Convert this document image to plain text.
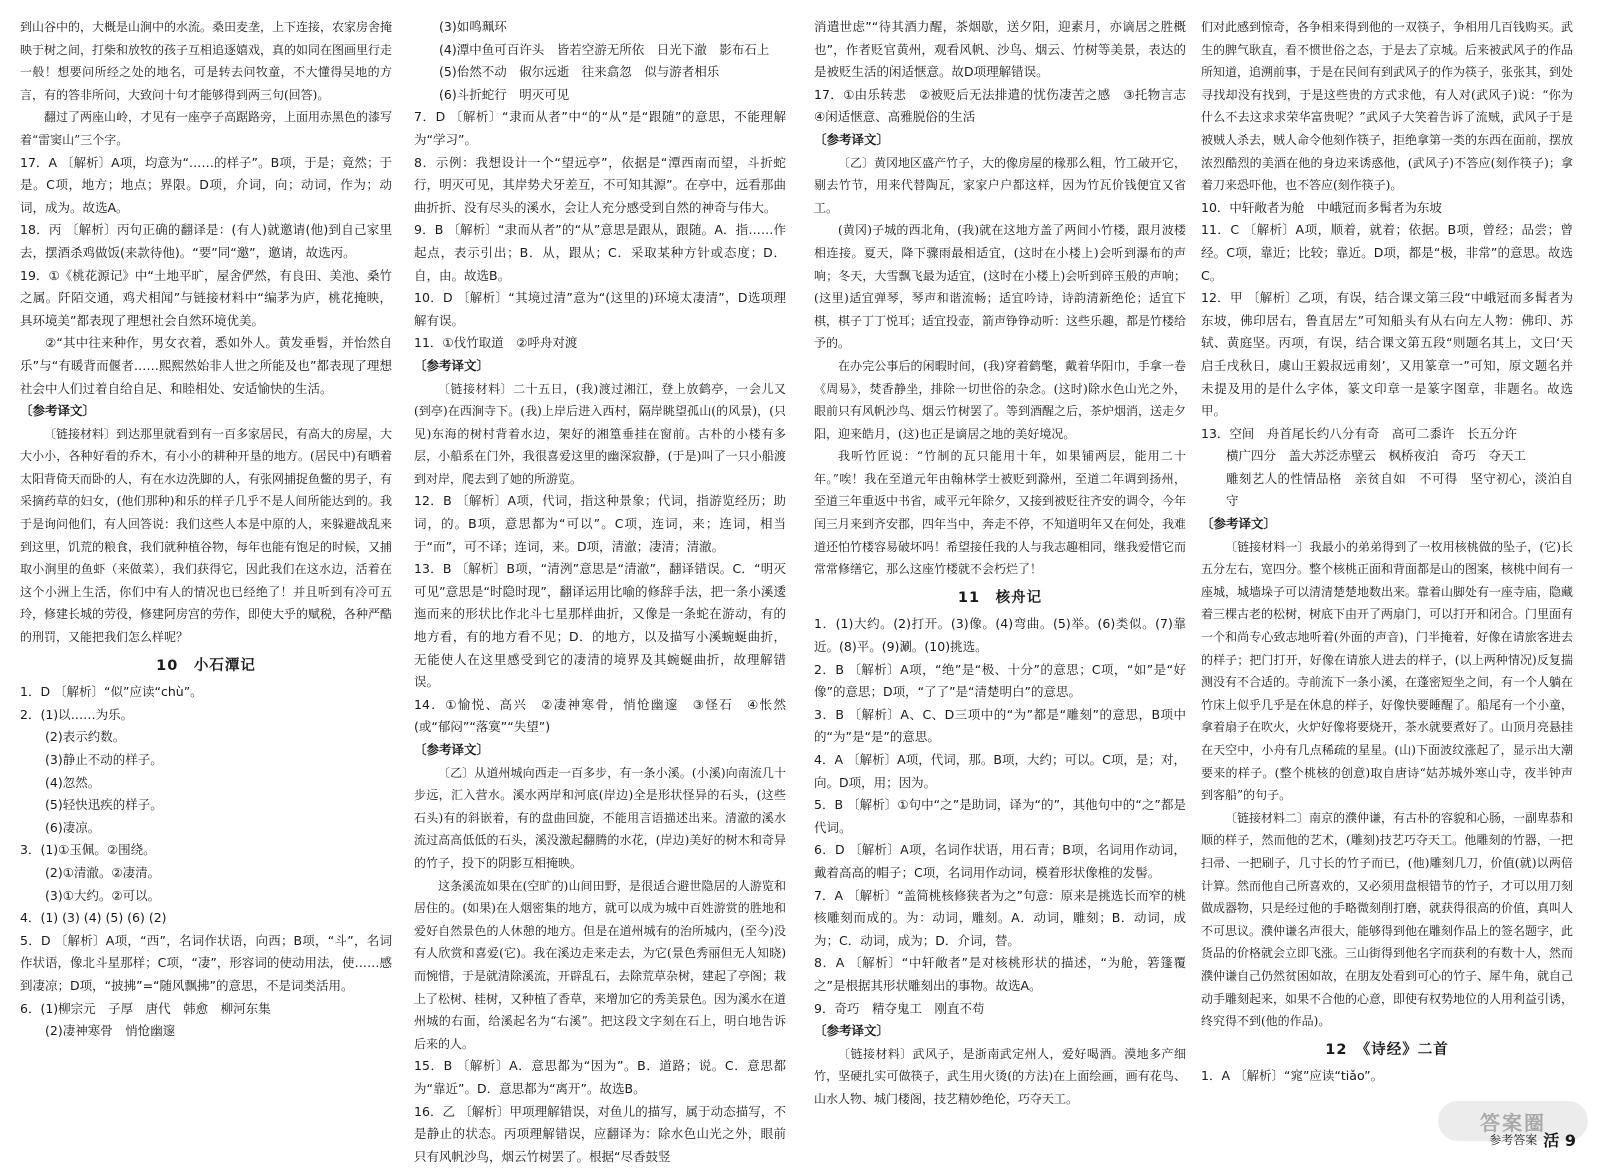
到山谷中的，大概是山涧中的水流。桑田麦垄，上下连接，农家房舍掩映于树之间，打柴和放牧的孩子互相追逐嬉戏，真的如同在图画里行走一般！想要问所经之处的地名，可是转去问牧童，不大懂得吴地的方言，有的答非所问，大致问十句才能够得到两三句(回答)。

翻过了两座山岭，才见有一座亭子高踞路旁，上面用赤黑色的漆写着“雷窦山”三个字。

17．A 〔解析〕A项，均意为“……的样子”。B项，于是；竟然；于是。C项，地方；地点；界限。D项，介词，向；动词，作为；动词，成为。故选A。

18．丙 〔解析〕丙句正确的翻译是：(有人)就邀请(他)到自己家里去，摆酒杀鸡做饭(来款待他)。“要”同“邀”，邀请，故选丙。

19．①《桃花源记》中“土地平旷，屋舍俨然，有良田、美池、桑竹之属。阡陌交通，鸡犬相闻”与链接材料中“编茅为庐，桃花掩映，具环境美”都表现了理想社会自然环境优美。

②“其中往来种作，男女衣着，悉如外人。黄发垂髫，并怡然自乐”与“有暖背而偃者……熙熙然始非人世之所能及也”都表现了理想社会中人们过着自给自足、和睦相处、安适愉快的生活。

〔参考译文〕

〔链接材料〕到达那里就看到有一百多家居民，有高大的房屋，大大小小，各种好看的乔木，有小小的耕种开垦的地方。(居民中)有晒着太阳背倚天而卧的人，有在水边洗脚的人，有张网捕捉鱼鳖的男子，有采摘药草的妇女，(他们那种)和乐的样子几乎不是人间所能达到的。我于是询问他们，有人回答说：我们这些人本是中原的人，来躲避战乱来到这里，饥荒的粮食，我们就种植谷物，每年也能有饱足的时候，又捕取小涧里的鱼虾（来做菜），我们获得它，因此我们在这水边，活着在这个小洲上生活，你们中有人的情况也已经绝了！并且听到有冷可五玲，修建长城的劳役，修建阿房宫的劳作，即使大乎的赋税，各种严酷的刑罚，又能把我们怎么样呢？

10　小石潭记

1．D 〔解析〕“似”应读“chù”。

2．(1)以……为乐。

(2)表示约数。

(3)静止不动的样子。

(4)忽然。

(5)轻快迅疾的样子。

(6)凄凉。

3．(1)①玉佩。②围绕。

(2)①清澈。②凄清。

(3)①大约。②可以。

4．(1) (3) (4) (5) (6) (2)

5．D 〔解析〕A项，“西”，名词作状语，向西；B项，“斗”，名词作状语，像北斗星那样；C项，“凄”，形容词的使动用法，使……感到凄凉；D项，“披拂”=“随风飘拂”的意思，不是词类活用。

6．(1)柳宗元　子厚　唐代　韩愈　柳河东集

(2)凄神寒骨　悄怆幽邃

(3)如鸣珮环

(4)潭中鱼可百许头　皆若空游无所依　日光下澈　影布石上

(5)佁然不动　俶尔远逝　往来翕忽　似与游者相乐

(6)斗折蛇行　明灭可见

7．D 〔解析〕“隶而从者”中“的“从”是“跟随”的意思，不能理解为“学习”。

8．示例：我想设计一个“望远亭”，依据是“潭西南而望，斗折蛇行，明灭可见，其岸势犬牙差互，不可知其源”。在亭中，远看那曲曲折折、没有尽头的溪水，会让人充分感受到自然的神奇与伟大。

9．B 〔解析〕“隶而从者”的“从”意思是跟从，跟随。A．指……作起点，表示引出；B．从，跟从；C．采取某种方针或态度；D．自，由。故选B。

10．D 〔解析〕“其境过清”意为“(这里的)环境太凄清”，D选项理解有误。

11．①伐竹取道　②呼舟对渡

〔参考译文〕

〔链接材料〕二十五日，(我)渡过湘江，登上放鹤亭，一会儿又(到亭)在西涧寺下。(我)上岸后进入西村，隔岸眺望孤山(的风景)，(只见)东海的树村背着水边，架好的湘篁垂挂在窗前。古朴的小楼有多层，小船系在门外，我很喜爱这里的幽深寂静，(于是)叫了一只小船渡到对岸，爬去到了她的所游览。

12．B 〔解析〕A项，代词，指这种景象；代词，指游览经历；助词，的。B项，意思都为“可以”。C项，连词，来；连词，相当于“而”，可不译；连词，来。D项，清澈；凄清；清澈。

13．B 〔解析〕B项，“清洌”意思是“清澈”，翻译错误。C．“明灭可见”意思是“时隐时现”，翻译运用比喻的修辞手法，把一条小溪逶迤而来的形状比作北斗七星那样曲折，又像是一条蛇在游动，有的地方看，有的地方看不见；D．的地方，以及描写小溪蜿蜒曲折，无能使人在这里感受到它的凄清的境界及其蜿蜒曲折，故理解错误。

14．①愉悦、高兴　②凄神寒骨，悄怆幽邃　③怪石　④怅然(或“郁闷”“落寞”“失望”)

〔参考译文〕

〔乙〕从道州城向西走一百多步，有一条小溪。(小溪)向南流几十步远，汇入营水。溪水两岸和河底(岸边)全是形状怪异的石头，(这些石头)有的斜嵌着，有的盘曲回旋，不能用言语描述出来。清澈的溪水流过高高低低的石头，溪没激起翻腾的水花，(岸边)美好的树木和奇异的竹子，投下的阴影互相掩映。

这条溪流如果在(空旷的)山间田野，是很适合避世隐居的人游览和居住的。(如果)在人烟密集的地方，就可以成为城中百姓游赏的胜地和爱好自然景色的人休憩的地方。但是在道州城有的治所城内，(至今)没有人欣赏和喜爱(它)。我在溪边走来走去，为它(景色秀丽但无人知晓)而惋惜，于是就清除溪流，开辟乱石，去除荒草杂树，建起了亭阁；栽上了松树、桂树，又种植了香草，来增加它的秀美景色。因为溪水在道州城的右面，给溪起名为“右溪”。把这段文字刻在石上，明白地告诉后来的人。

15．B 〔解析〕A．意思都为“因为”。B．道路；说。C．意思都为“靠近”。D．意思都为“离开”。故选B。

16．乙 〔解析〕甲项理解错误，对鱼儿的描写，属于动态描写，不是静止的状态。丙项理解错误，应翻译为：除水色山光之外，眼前只有风帆沙鸟，烟云竹树罢了。根据“尽香鼓竖

消遣世虑”“待其酒力醒，茶烟歇，送夕阳，迎素月，亦谪居之胜概也”，作者贬官黄州，观看风帆、沙鸟、烟云、竹树等美景，表达的是被贬生活的闲适惬意。故D项理解错误。

17．①由乐转悲　②被贬后无法排遣的忧伤凄苦之感　③托物言志　④闲适惬意、高雅脱俗的生活

〔参考译文〕

〔乙〕黄冈地区盛产竹子，大的像房屋的椽那么粗，竹工破开它，剔去竹节，用来代替陶瓦，家家户户都这样，因为竹瓦价钱便宜又省工。

(黄冈)子城的西北角，(我)就在这地方盖了两间小竹楼，跟月波楼相连接。夏天，降下骤雨最相适宜，(这时在小楼上)会听到瀑布的声响；冬天，大雪飘飞最为适宜，(这时在小楼上)会听到碎玉般的声响；(这里)适宜弹琴，琴声和谐流畅；适宜吟诗，诗韵清新绝伦；适宜下棋，棋子丁丁悦耳；适宜投壶，箭声铮铮动听：这些乐趣，都是竹楼给予的。

在办完公事后的闲暇时间，(我)穿着鹤氅，戴着华阳巾，手拿一卷《周易》，焚香静坐，排除一切世俗的杂念。(这时)除水色山光之外，眼前只有风帆沙鸟、烟云竹树罢了。等到酒醒之后，茶炉烟消，送走夕阳，迎来皓月，(这)也正是谪居之地的美好境况。

我听竹匠说：“竹制的瓦只能用十年，如果铺两层，能用二十年。”唉！我在至道元年由翰林学士被贬到滁州，至道二年调到扬州，至道三年重返中书省，咸平元年除夕，又接到被贬往齐安的调令，今年闰三月来到齐安郡，四年当中，奔走不停，不知道明年又在何处，我难道还怕竹楼容易破坏吗！希望接任我的人与我志趣相同，继我爱惜它而常常修缮它，那么这座竹楼就不会朽烂了！

11　核舟记

1．(1)大约。(2)打开。(3)像。(4)弯曲。(5)举。(6)类似。(7)靠近。(8)平。(9)涮。(10)挑选。

2．B 〔解析〕A项，“绝”是“极、十分”的意思；C项，“如”是“好像”的意思；D项，“了了”是“清楚明白”的意思。

3．B 〔解析〕A、C、D三项中的“为”都是“雕刻”的意思，B项中的“为”是“是”的意思。

4．A 〔解析〕A项，代词，那。B项，大约；可以。C项，是；对，向。D项，用；因为。

5．B 〔解析〕①句中“之”是助词，译为“的”，其他句中的“之”都是代词。

6．D 〔解析〕A项，名词作状语，用石青；B项，名词用作动词，戴着高高的帽子；C项，名词用作动词，模着形状像椎的发髻。

7．A 〔解析〕“盖简桃核修狭者为之”句意：原来是挑选长而窄的桃核雕刻而成的。为：动词，雕刻。A．动词，雕刻；B．动词，成为；C．动词，成为；D．介词，替。

8．A 〔解析〕“中轩敞者”是对核桃形状的描述，“为舱，箬篷覆之”是根据其形状雕刻出的事物。故选A。

9．奇巧　精夺鬼工　刚直不苟

〔参考译文〕

〔链接材料〕武风子，是浙南武定州人，爱好喝酒。漠地多产细竹，坚硬扎实可做筷子，武生用火烫(的方法)在上面绘画，画有花鸟、山水人物、城门楼阁，技艺精妙绝伦，巧夺天工。

们对此感到惊奇，各争相来得到他的一双筷子，争相用几百钱购买。武生的脾气耿直，看不惯世俗之态，于是去了京城。后来被武风子的作品所知道，追溯前事，于是在民间有到武风子的作为筷子，张张其，到处寻找却没有找到，于是这些贵的方式求他，有人对(武风子)说：“你为什么不去这求求荣华富贵呢？”武风子大笑着告诉了流贼，武风子于是被贼人杀去，贼人命令他刻作筷子，拒绝拿第一类的东西在面前，摆放浓烈酷烈的美酒在他的身边来诱惑他，(武风子)不答应(刻作筷子)；拿着刀来恐吓他，也不答应(刻作筷子)。

10．中轩敞者为舱　中峨冠而多髯者为东坡

11．C 〔解析〕A项，顺着，就着；依据。B项，曾经；品尝；曾经。C项，靠近；比较；靠近。D项，都是“极，非常”的意思。故选C。

12．甲 〔解析〕乙项，有误，结合课文第三段“中峨冠而多髯者为东坡，佛印居右，鲁直居左”可知船头有从右向左人物：佛印、苏轼、黄庭坚。丙项，有误，结合课文第五段“则题名其上，文曰‘天启壬戌秋日，虞山王毅叔远甫刻’，又用篆章一”可知，原文题名并未提及用的是什么字体，篆文印章一是篆字图章，非题名。故选甲。

13．空间　舟首尾长约八分有奇　高可二黍许　长五分许

横广四分　盖大苏泛赤壁云　枫桥夜泊　奇巧　夺天工

雕刻艺人的性情品格　亲贫自如　不可得　坚守初心，淡泊自守

〔参考译文〕

〔链接材料一〕我最小的弟弟得到了一枚用核桃做的坠子，(它)长五分左右，宽四分。整个核桃正面和背面都是山的图案，核桃中间有一座城，城墙垛子可以清清楚楚地数出来。靠着山脚处有一座寺庙，隐藏着三棵古老的松树，树底下由开了两扇门，可以打开和闭合。门里面有一个和尚专心致志地听着(外面的声音)，门半掩着，好像在请旅客进去的样子；把门打开，好像在请旅人进去的样子，(以上两种情况)反复揣测没有不合适的。寺前流下一条小溪，在蓬密短坐之间，有一个人躺在竹床上似乎几乎是在休息的样子，好像快要睡醒了。船尾有一个小童，拿着扇子在吹火，火炉好像将要烧开，茶水就要煮好了。山顶月亮悬挂在天空中，小舟有几点稀疏的星星。(山)下面波纹涨起了，显示出大潮要来的样子。(整个桃核的创意)取自唐诗“姑苏城外寒山寺，夜半钟声到客船”的句子。

〔链接材料二〕南京的濮仲谦，有古朴的容貌和心肠，一副卑恭和顺的样子，然而他的艺术，(雕刻)技艺巧夺天工。他雕刻的竹器，一把扫帚、一把刷子，几寸长的竹子而已，(他)雕刻几刀，价值(就)以两倍计算。然而他自己所喜欢的，又必须用盘根错节的竹子，才可以用刀刻做成器物，只是经过他的手略微刻削打磨，就获得很高的价值，真叫人不可思议。濮仲谦名声很大，能够得到他在雕刻作品上的签名题字，此货品的价格就会立即飞涨。三山街得到他名字而获利的有数十人，然而濮仲谦自己仍然贫困如故，在朋友处看到可心的竹子、犀牛角，就自己动手雕刻起来，如果不合他的心意，即使有权势地位的人用利益引诱，终究得不到(他的作品)。

12　《诗经》二首

1．A 〔解析〕“窕”应读“tiǎo”。

答案圈
参考答案 活 9
